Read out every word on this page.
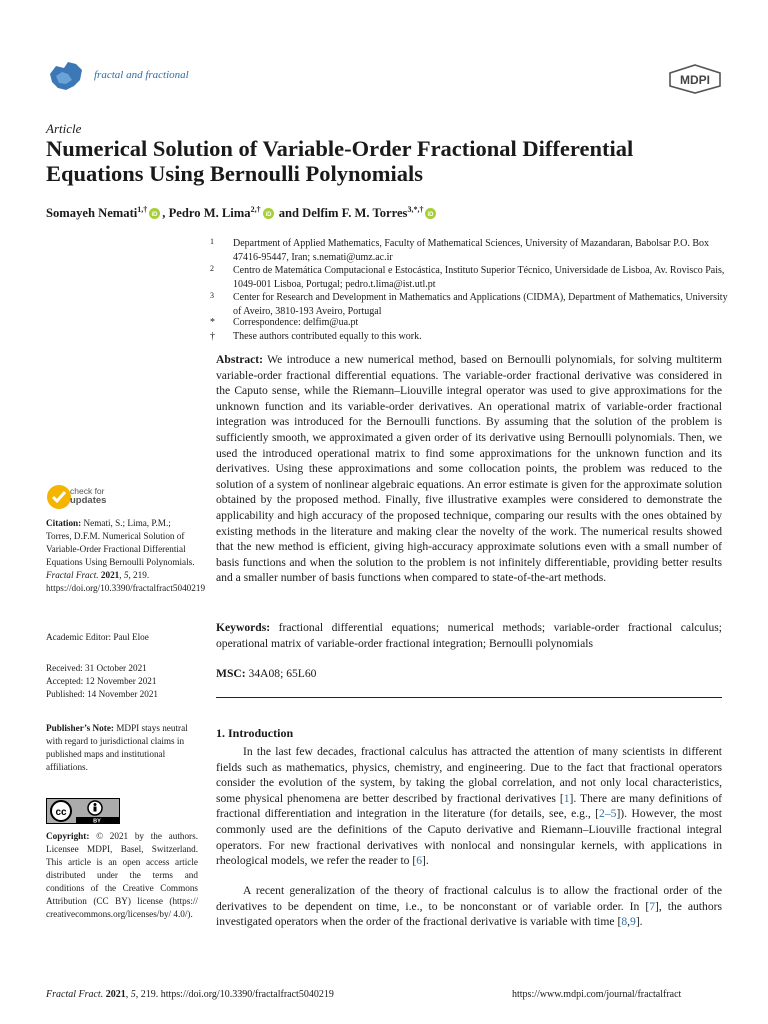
fractal and fractional	MDPI
Article
Numerical Solution of Variable-Order Fractional Differential Equations Using Bernoulli Polynomials
Somayeh Nemati$^{1,\dagger}$
iD , Pedro M. Lima$^{2,\dagger}$
iD and Delfim F. M. Torres$^{3,*,\dagger}$
iD
1 Department of Applied Mathematics, Faculty of Mathematical Sciences, University of Mazandaran, Babolsar P.O. Box 47416-95447, Iran; s.nemati@umz.ac.ir
2 Centro de Matemática Computacional e Estocástica, Instituto Superior Técnico, Universidade de Lisboa, Av. Rovisco Pais, 1049-001 Lisboa, Portugal; pedro.t.lima@ist.utl.pt
3 Center for Research and Development in Mathematics and Applications (CIDMA), Department of Mathematics, University of Aveiro, 3810-193 Aveiro, Portugal
* Correspondence: delfim@ua.pt
† These authors contributed equally to this work.
Abstract: We introduce a new numerical method, based on Bernoulli polynomials, for solving multiterm variable-order fractional differential equations. The variable-order fractional derivative was considered in the Caputo sense, while the Riemann–Liouville integral operator was used to give approximations for the unknown function and its variable-order derivatives. An operational matrix of variable-order fractional integration was introduced for the Bernoulli functions. By assuming that the solution of the problem is sufficiently smooth, we approximated a given order of its derivative using Bernoulli polynomials. Then, we used the introduced operational matrix to find some approximations for the unknown function and its derivatives. Using these approximations and some collocation points, the problem was reduced to the solution of a system of nonlinear algebraic equations. An error estimate is given for the approximate solution obtained by the proposed method. Finally, five illustrative examples were considered to demonstrate the applicability and high accuracy of the proposed technique, comparing our results with the ones obtained by existing methods in the literature and making clear the novelty of the work. The numerical results showed that the new method is efficient, giving high-accuracy approximate solutions even with a small number of basis functions and when the solution to the problem is not infinitely differentiable, providing better results and a smaller number of basis functions when compared to state-of-the-art methods.
Keywords: fractional differential equations; numerical methods; variable-order fractional calculus; operational matrix of variable-order fractional integration; Bernoulli polynomials
MSC: 34A08; 65L60
1. Introduction
In the last few decades, fractional calculus has attracted the attention of many scientists in different fields such as mathematics, physics, chemistry, and engineering. Due to the fact that fractional operators consider the evolution of the system, by taking the global correlation, and not only local characteristics, some physical phenomena are better described by fractional derivatives [1]. There are many definitions of fractional differentiation and integration in the literature (for details, see, e.g., [2–5]). However, the most commonly used are the definitions of the Caputo derivative and Riemann–Liouville fractional integral operators. For new fractional derivatives with nonlocal and nonsingular kernels, with applications in rheological models, we refer the reader to [6].
A recent generalization of the theory of fractional calculus is to allow the fractional order of the derivatives to be dependent on time, i.e., to be nonconstant or of variable order. In [7], the authors investigated operators when the order of the fractional derivative is variable with time [8,9].
check for
updates
Citation: Nemati, S.; Lima, P.M.; Torres, D.F.M. Numerical Solution of Variable-Order Fractional Differential Equations Using Bernoulli Polynomials. Fractal Fract. 2021, 5, 219. https://doi.org/10.3390/fractalfract5040219
Academic Editor: Paul Eloe
Received: 31 October 2021
Accepted: 12 November 2021
Published: 14 November 2021
Publisher’s Note: MDPI stays neutral with regard to jurisdictional claims in published maps and institutional affiliations.
cc
BY
Copyright: © 2021 by the authors. Licensee MDPI, Basel, Switzerland. This article is an open access article distributed under the terms and conditions of the Creative Commons Attribution (CC BY) license (https:// creativecommons.org/licenses/by/ 4.0/).
Fractal Fract. 2021, 5, 219. https://doi.org/10.3390/fractalfract5040219	https://www.mdpi.com/journal/fractalfract
